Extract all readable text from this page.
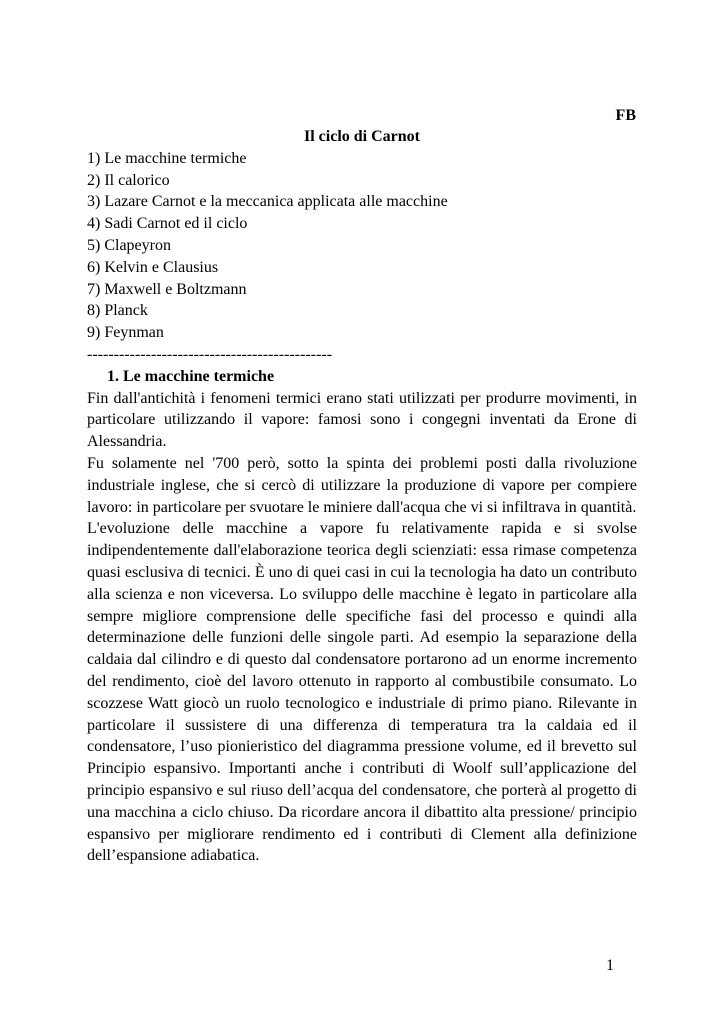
FB

Il ciclo di Carnot

1) Le macchine termiche
2) Il calorico
3) Lazare Carnot e la meccanica applicata alle macchine
4) Sadi Carnot ed il ciclo
5) Clapeyron
6) Kelvin e Clausius
7) Maxwell e Boltzmann
8) Planck
9) Feynman

----------------------------------------------

1. Le macchine termiche

Fin dall'antichità i fenomeni termici erano stati utilizzati per produrre movimenti, in particolare utilizzando il vapore: famosi sono i congegni inventati da Erone di Alessandria.

Fu solamente nel '700 però, sotto la spinta dei problemi posti dalla rivoluzione industriale inglese, che si cercò di utilizzare la produzione di vapore per compiere lavoro: in particolare per svuotare le miniere dall'acqua che vi si infiltrava in quantità.

L'evoluzione delle macchine a vapore fu relativamente rapida e si svolse indipendentemente dall'elaborazione teorica degli scienziati: essa rimase competenza quasi esclusiva di tecnici. È uno di quei casi in cui la tecnologia ha dato un contributo alla scienza e non viceversa. Lo sviluppo delle macchine è legato in particolare alla sempre migliore comprensione delle specifiche fasi del processo e quindi alla determinazione delle funzioni delle singole parti. Ad esempio la separazione della caldaia dal cilindro e di questo dal condensatore portarono ad un enorme incremento del rendimento, cioè del lavoro ottenuto in rapporto al combustibile consumato. Lo scozzese Watt giocò un ruolo tecnologico e industriale di primo piano. Rilevante in particolare il sussistere di una differenza di temperatura tra la caldaia ed il condensatore, l’uso pionieristico del diagramma pressione volume, ed il brevetto sul Principio espansivo. Importanti anche i contributi di Woolf sull’applicazione del principio espansivo e sul riuso dell’acqua del condensatore, che porterà al progetto di una macchina a ciclo chiuso. Da ricordare ancora il dibattito alta pressione/ principio espansivo per migliorare rendimento ed i contributi di Clement alla definizione dell’espansione adiabatica.

1
